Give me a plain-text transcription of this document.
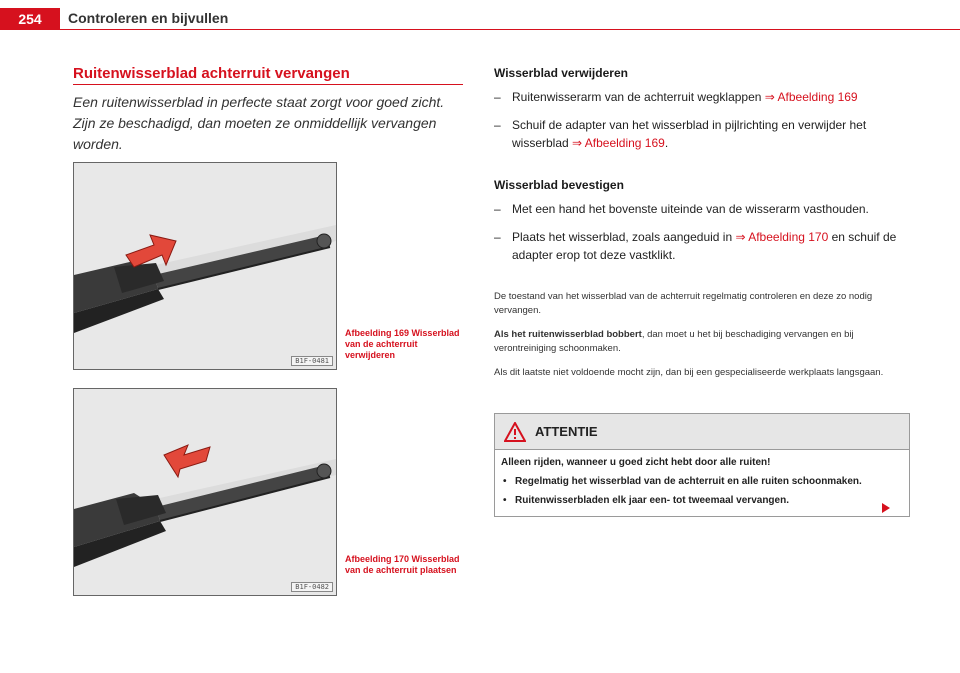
254	Controleren en bijvullen
Ruitenwisserblad achterruit vervangen
Een ruitenwisserblad in perfecte staat zorgt voor goed zicht. Zijn ze beschadigd, dan moeten ze onmiddellijk vervangen worden.
B1F-0481
Afbeelding 169 Wisserblad van de achterruit verwijderen
B1F-0482
Afbeelding 170 Wisserblad van de achterruit plaatsen
Wisserblad verwijderen
– Ruitenwisserarm van de achterruit wegklappen ⇒ Afbeelding 169
– Schuif de adapter van het wisserblad in pijlrichting en verwijder het wisserblad ⇒ Afbeelding 169.
Wisserblad bevestigen
– Met een hand het bovenste uiteinde van de wisserarm vasthouden.
– Plaats het wisserblad, zoals aangeduid in ⇒ Afbeelding 170 en schuif de adapter erop tot deze vastklikt.
De toestand van het wisserblad van de achterruit regelmatig controleren en deze zo nodig vervangen.
Als het ruitenwisserblad bobbert, dan moet u het bij beschadiging vervangen en bij verontreiniging schoonmaken.
Als dit laatste niet voldoende mocht zijn, dan bij een gespecialiseerde werkplaats langsgaan.
ATTENTIE
Alleen rijden, wanneer u goed zicht hebt door alle ruiten!
• Regelmatig het wisserblad van de achterruit en alle ruiten schoonmaken.
• Ruitenwisserbladen elk jaar een- tot tweemaal vervangen.
